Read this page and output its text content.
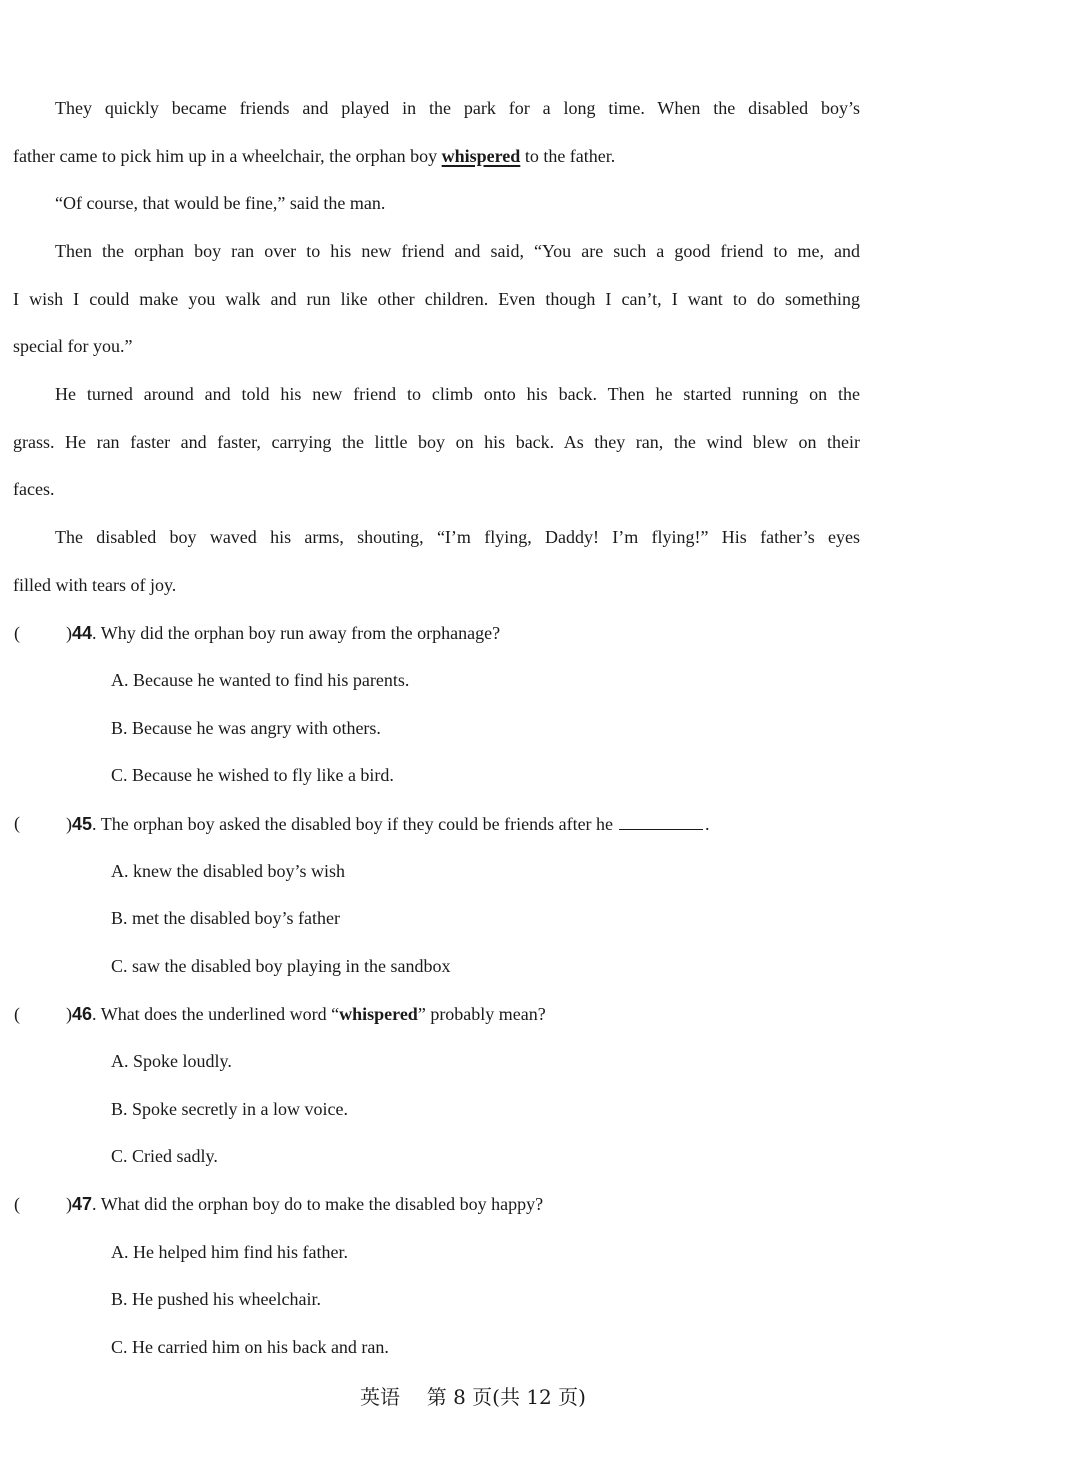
They quickly became friends and played in the park for a long time. When the disabled boy’s
father came to pick him up in a wheelchair, the orphan boy whispered to the father.
“Of course, that would be fine,” said the man.
Then the orphan boy ran over to his new friend and said, “You are such a good friend to me, and
I wish I could make you walk and run like other children. Even though I can’t, I want to do something
special for you.”
He turned around and told his new friend to climb onto his back. Then he started running on the
grass. He ran faster and faster, carrying the little boy on his back. As they ran, the wind blew on their
faces.
The disabled boy waved his arms, shouting, “I’m flying, Daddy! I’m flying!” His father’s eyes
filled with tears of joy.
(	)44. Why did the orphan boy run away from the orphanage?
A. Because he wanted to find his parents.
B. Because he was angry with others.
C. Because he wished to fly like a bird.
(	)45. The orphan boy asked the disabled boy if they could be friends after he	.
A. knew the disabled boy’s wish
B. met the disabled boy’s father
C. saw the disabled boy playing in the sandbox
(	)46. What does the underlined word “whispered” probably mean?
A. Spoke loudly.
B. Spoke secretly in a low voice.
C. Cried sadly.
(	)47. What did the orphan boy do to make the disabled boy happy?
A. He helped him find his father.
B. He pushed his wheelchair.
C. He carried him on his back and ran.
英语 第 8 页(共 12 页)
